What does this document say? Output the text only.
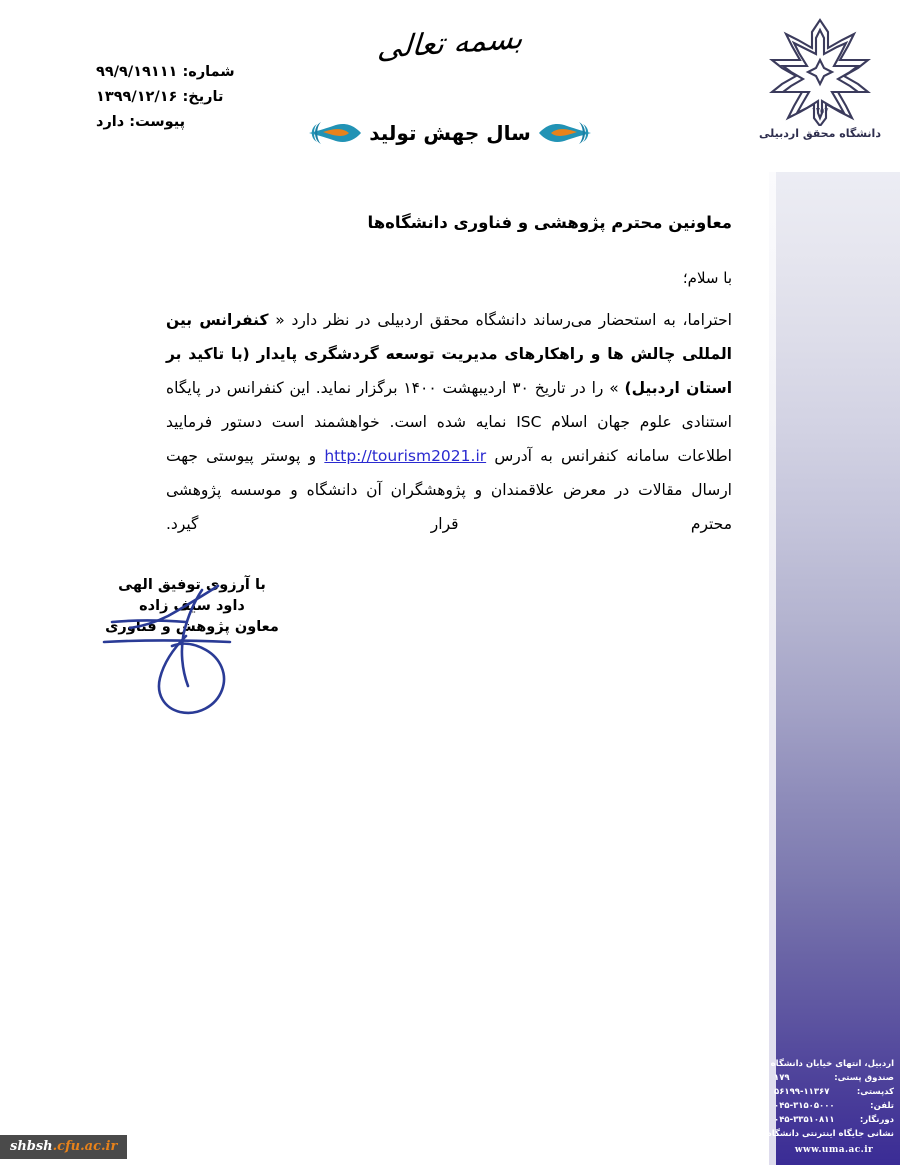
۱۳۵۷
دانشگاه محقق اردبیلی
بسمه تعالی
سال جهش تولید
شماره: ۹۹/۹/۱۹۱۱۱
تاریخ: ۱۳۹۹/۱۲/۱۶
پیوست: دارد
معاونین محترم پژوهشی و فناوری دانشگاه‌ها
با سلام؛
احتراما، به استحضار می‌رساند دانشگاه محقق اردبیلی در نظر دارد « کنفرانس بین المللی چالش ها و راهکارهای مدیریت توسعه گردشگری پایدار (با تاکید بر استان اردبیل) » را در تاریخ ۳۰ اردیبهشت ۱۴۰۰ برگزار نماید. این کنفرانس در پایگاه استنادی علوم جهان اسلام ISC نمایه شده است. خواهشمند است دستور فرمایید اطلاعات سامانه کنفرانس به آدرس http://tourism2021.ir و پوستر پیوستی جهت ارسال مقالات در معرض علاقمندان و پژوهشگران آن دانشگاه و موسسه پژوهشی محترم قرار گیرد.
با آرزوی توفیق الهی
داود سیف زاده
معاون پژوهش و فناوری
اردبیل، انتهای خیابان دانشگاه
صندوق پستی:
۱۷۹
کدپستی:
۵۶۱۹۹-۱۱۳۶۷
تلفن:
۰۴۵-۳۱۵۰۵۰۰۰
دورنگار:
۰۴۵-۳۳۵۱۰۸۱۱
نشانی جایگاه اینترنتی دانشگاه
www.uma.ac.ir
shbsh.cfu.ac.ir
